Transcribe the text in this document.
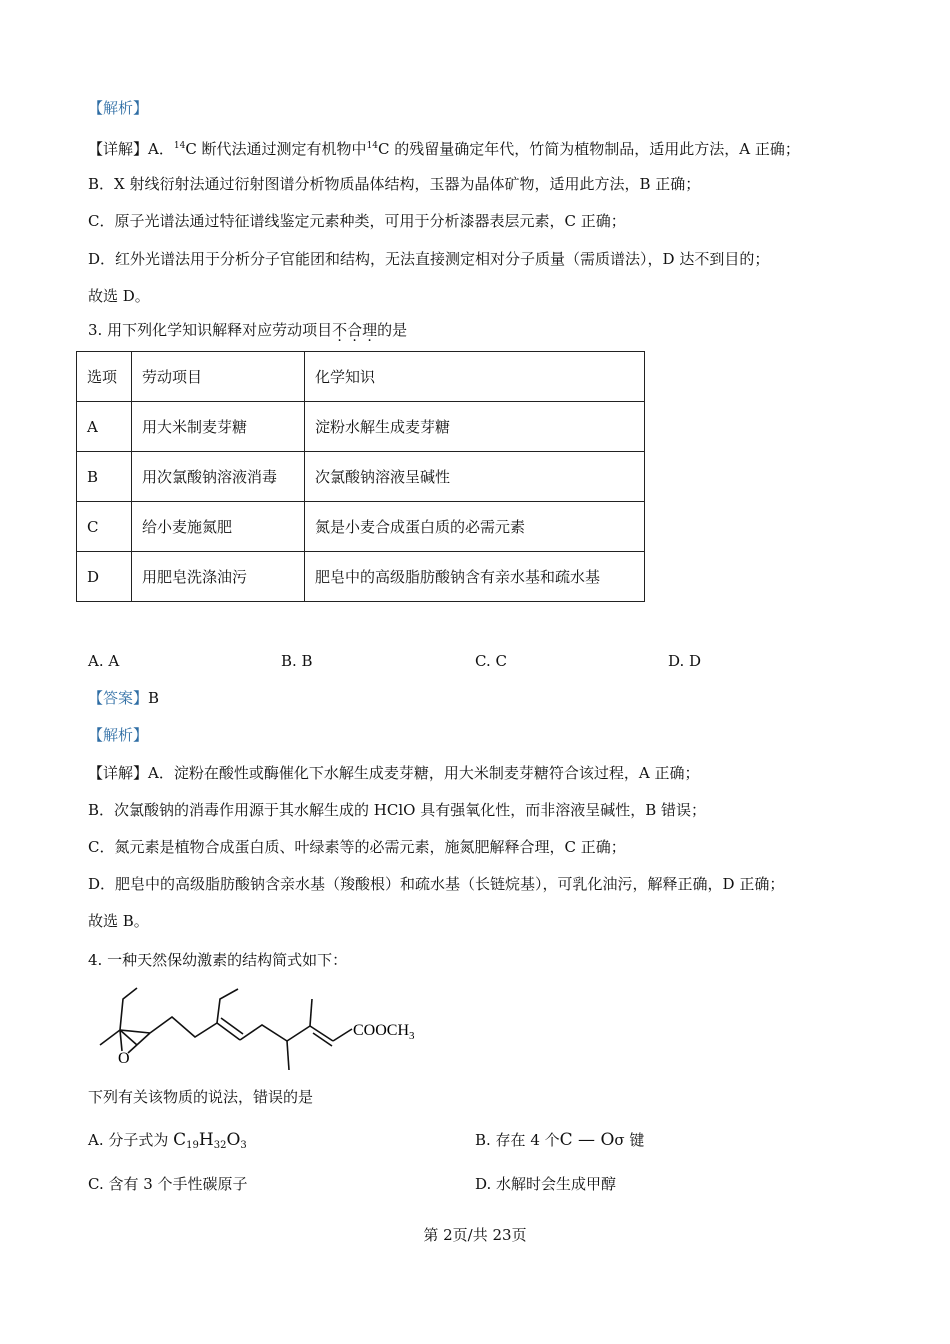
【解析】
【详解】A．$^{14}$C 断代法通过测定有机物中$^{14}$C 的残留量确定年代，竹简为植物制品，适用此方法，A 正确；
B．X 射线衍射法通过衍射图谱分析物质晶体结构，玉器为晶体矿物，适用此方法，B 正确；
C．原子光谱法通过特征谱线鉴定元素种类，可用于分析漆器表层元素，C 正确；
D．红外光谱法用于分析分子官能团和结构，无法直接测定相对分子质量（需质谱法），D 达不到目的；
故选 D。
3. 用下列化学知识解释对应劳动项目不合理的是
选项	劳动项目	化学知识
A	用大米制麦芽糖	淀粉水解生成麦芽糖
B	用次氯酸钠溶液消毒	次氯酸钠溶液呈碱性
C	给小麦施氮肥	氮是小麦合成蛋白质的必需元素
D	用肥皂洗涤油污	肥皂中的高级脂肪酸钠含有亲水基和疏水基
A. A	B. B	C. C	D. D
【答案】B
【解析】
【详解】A．淀粉在酸性或酶催化下水解生成麦芽糖，用大米制麦芽糖符合该过程，A 正确；
B．次氯酸钠的消毒作用源于其水解生成的 HClO 具有强氧化性，而非溶液呈碱性，B 错误；
C．氮元素是植物合成蛋白质、叶绿素等的必需元素，施氮肥解释合理，C 正确；
D．肥皂中的高级脂肪酸钠含亲水基（羧酸根）和疏水基（长链烷基），可乳化油污，解释正确，D 正确；
故选 B。
4. 一种天然保幼激素的结构简式如下：
O
$COOCH_3$
下列有关该物质的说法，错误的是
A. 分子式为 $C_{19}H_{32}O_3$	B. 存在 4 个C — Oσ 键
C. 含有 3 个手性碳原子	D. 水解时会生成甲醇
第 2页/共 23页
